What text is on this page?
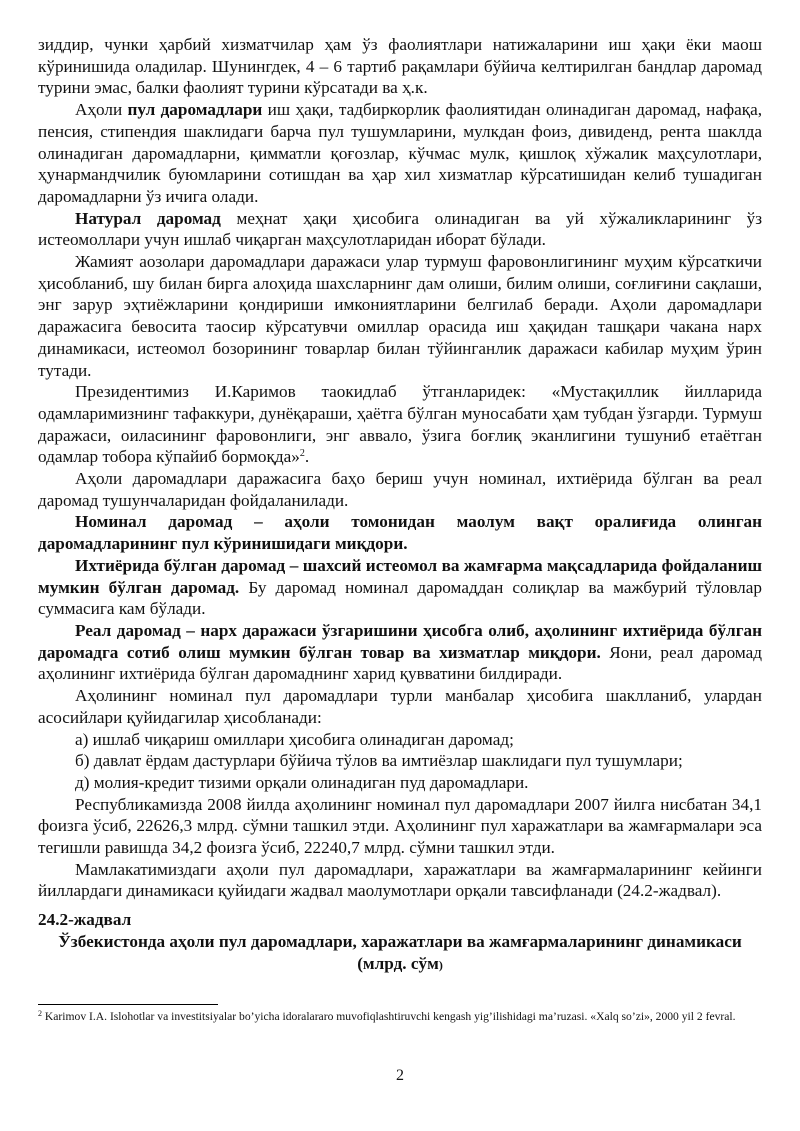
зиддир, чунки ҳарбий хизматчилар ҳам ўз фаолиятлари натижаларини иш ҳақи ёки маош кўринишида оладилар. Шунингдек, 4 – 6 тартиб рақамлари бўйича келтирилган бандлар даромад турини эмас, балки фаолият турини кўрсатади ва ҳ.к.

Аҳоли пул даромадлари иш ҳақи, тадбиркорлик фаолиятидан олинадиган даромад, нафақа, пенсия, стипендия шаклидаги барча пул тушумларини, мулкдан фоиз, дивиденд, рента шаклда олинадиган даромадларни, қимматли қоғозлар, кўчмас мулк, қишлоқ хўжалик маҳсулотлари, ҳунармандчилик буюмларини сотишдан ва ҳар хил хизматлар кўрсатишидан келиб тушадиган даромадларни ўз ичига олади.

Натурал даромад меҳнат ҳақи ҳисобига олинадиган ва уй хўжаликларининг ўз истеомоллари учун ишлаб чиқарган маҳсулотларидан иборат бўлади.

Жамият аозолари даромадлари даражаси улар турмуш фаровонлигининг муҳим кўрсаткичи ҳисобланиб, шу билан бирга алоҳида шахсларнинг дам олиши, билим олиши, соғлиғини сақлаши, энг зарур эҳтиёжларини қондириши имкониятларини белгилаб беради. Аҳоли даромадлари даражасига бевосита таосир кўрсатувчи омиллар орасида иш ҳақидан ташқари чакана нарх динамикаси, истеомол бозорининг товарлар билан тўйинганлик даражаси кабилар муҳим ўрин тутади.

Президентимиз И.Каримов таокидлаб ўтганларидек: «Мустақиллик йилларида одамларимизнинг тафаккури, дунёқараши, ҳаётга бўлган муносабати ҳам тубдан ўзгарди. Турмуш даражаси, оиласининг фаровонлиги, энг аввало, ўзига боғлиқ эканлигини тушуниб етаётган одамлар тобора кўпайиб бормоқда»$^2$.

Аҳоли даромадлари даражасига баҳо бериш учун номинал, ихтиёрида бўлган ва реал даромад тушунчаларидан фойдаланилади.

Номинал даромад – аҳоли томонидан маолум вақт оралиғида олинган даромадларининг пул кўринишидаги миқдори.

Ихтиёрида бўлган даромад – шахсий истеомол ва жамғарма мақсадларида фойдаланиш мумкин бўлган даромад. Бу даромад номинал даромаддан солиқлар ва мажбурий тўловлар суммасига кам бўлади.

Реал даромад – нарх даражаси ўзгаришини ҳисобга олиб, аҳолининг ихтиёрида бўлган даромадга сотиб олиш мумкин бўлган товар ва хизматлар миқдори. Яони, реал даромад аҳолининг ихтиёрида бўлган даромаднинг харид қувватини билдиради.

Аҳолининг номинал пул даромадлари турли манбалар ҳисобига шаклланиб, улардан асосийлари қуйидагилар ҳисобланади:

а) ишлаб чиқариш омиллари ҳисобига олинадиган даромад;

б) давлат ёрдам дастурлари бўйича тўлов ва имтиёзлар шаклидаги пул тушумлари;

д) молия-кредит тизими орқали олинадиган пуд даромадлари.

Республикамизда 2008 йилда аҳолининг номинал пул даромадлари 2007 йилга нисбатан 34,1 фоизга ўсиб, 22626,3 млрд. сўмни ташкил этди. Аҳолининг пул харажатлари ва жамғармалари эса тегишли равишда 34,2 фоизга ўсиб, 22240,7 млрд. сўмни ташкил этди.

Мамлакатимиздаги аҳоли пул даромадлари, харажатлари ва жамғармаларининг кейинги йиллардаги динамикаси қуйидаги жадвал маолумотлари орқали тавсифланади (24.2-жадвал).

24.2-жадвал

Ўзбекистонда аҳоли пул даромадлари, харажатлари ва жамғармаларининг динамикаси (млрд. сўм)

$^2$ Karimov I.A. Islohotlar va investitsiyalar bo’yicha idoralararo muvofiqlashtiruvchi kengash yig’ilishidagi ma’ruzasi. «Xalq so’zi», 2000 yil 2 fevral.
2
